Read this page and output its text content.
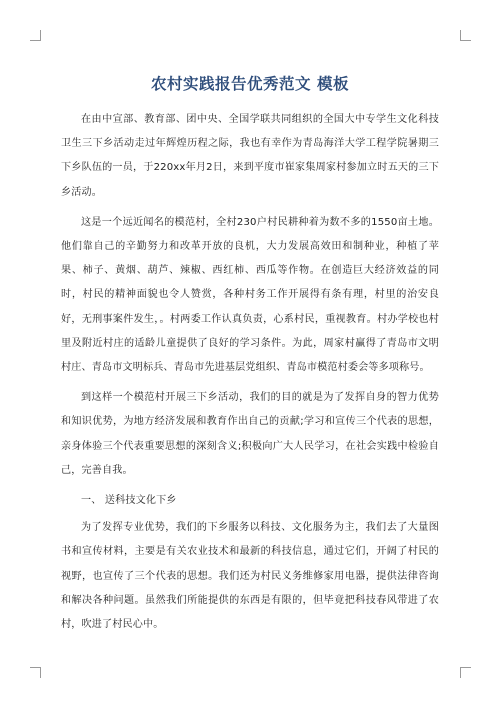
农村实践报告优秀范文 模板

在由中宣部、教育部、团中央、全国学联共同组织的全国大中专学生文化科技卫生三下乡活动走过年辉煌历程之际，我也有幸作为青岛海洋大学工程学院暑期三下乡队伍的一员，于220xx年月2日，来到平度市崔家集周家村参加立时五天的三下乡活动。

这是一个远近闻名的模范村，全村230户村民耕种着为数不多的1550亩土地。他们靠自己的辛勤努力和改革开放的良机，大力发展高效田和制种业，种植了苹果、柿子、黄烟、葫芦、辣椒、西红柿、西瓜等作物。在创造巨大经济效益的同时，村民的精神面貌也令人赞赏，各种村务工作开展得有条有理，村里的治安良好，无刑事案件发生，。村两委工作认真负责，心系村民，重视教育。村办学校也村里及附近村庄的适龄儿童提供了良好的学习条件。为此，周家村赢得了青岛市文明村庄、青岛市文明标兵、青岛市先进基层党组织、青岛市模范村委会等多项称号。

到这样一个模范村开展三下乡活动，我们的目的就是为了发挥自身的智力优势和知识优势，为地方经济发展和教育作出自己的贡献;学习和宣传三个代表的思想，亲身体验三个代表重要思想的深刻含义;积极向广大人民学习，在社会实践中检验自己，完善自我。

一、 送科技文化下乡

为了发挥专业优势，我们的下乡服务以科技、文化服务为主，我们去了大量图书和宣传材料，主要是有关农业技术和最新的科技信息，通过它们，开阔了村民的视野，也宣传了三个代表的思想。我们还为村民义务维修家用电器，提供法律咨询和解决各种问题。虽然我们所能提供的东西是有限的，但毕竟把科技春风带进了农村，吹进了村民心中。
